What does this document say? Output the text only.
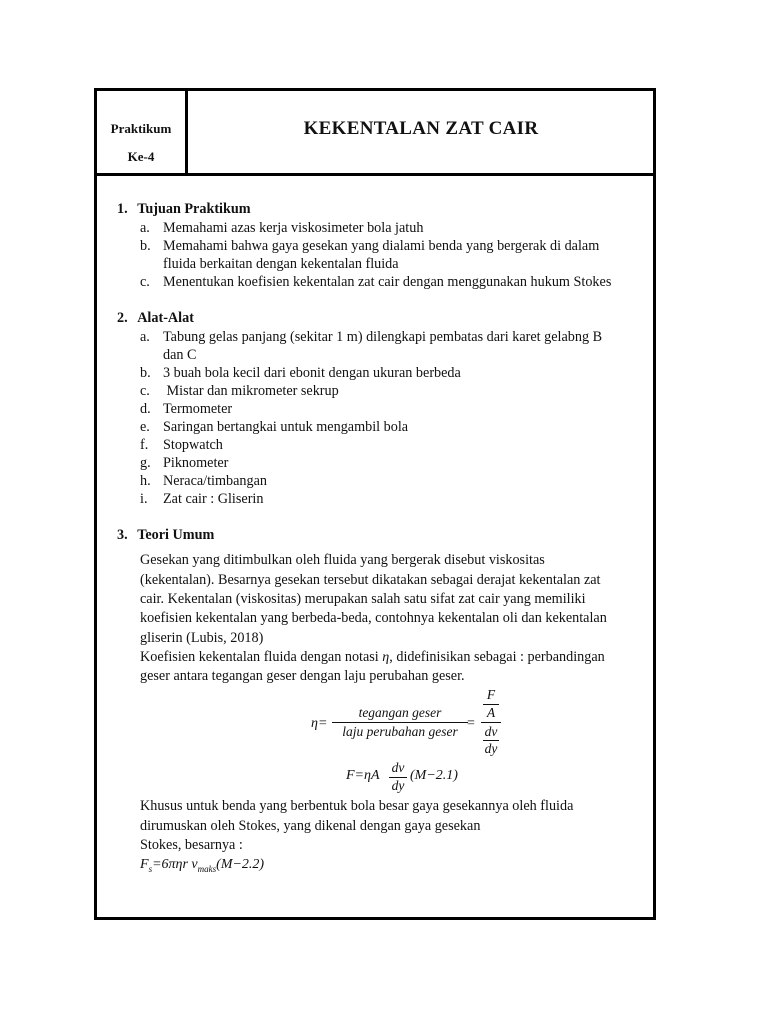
Praktikum
Ke-4
KEKENTALAN ZAT CAIR
1. Tujuan Praktikum
a. Memahami azas kerja viskosimeter bola jatuh
b. Memahami bahwa gaya gesekan yang dialami benda yang bergerak di dalam
fluida berkaitan dengan kekentalan fluida
c. Menentukan koefisien kekentalan zat cair dengan menggunakan hukum Stokes
2. Alat-Alat
a. Tabung gelas panjang (sekitar 1 m) dilengkapi pembatas dari karet gelabng B
dan C
b. 3 buah bola kecil dari ebonit dengan ukuran berbeda
c. Mistar dan mikrometer sekrup
d. Termometer
e. Saringan bertangkai untuk mengambil bola
f. Stopwatch
g. Piknometer
h. Neraca/timbangan
i. Zat cair : Gliserin
3. Teori Umum
Gesekan yang ditimbulkan oleh fluida yang bergerak disebut viskositas
(kekentalan). Besarnya gesekan tersebut dikatakan sebagai derajat kekentalan zat
cair. Kekentalan (viskositas) merupakan salah satu sifat zat cair yang memiliki
koefisien kekentalan yang berbeda-beda, contohnya kekentalan oli dan kekentalan
gliserin (Lubis, 2018)
Koefisien kekentalan fluida dengan notasi η, didefinisikan sebagai : perbandingan
geser antara tegangan geser dengan laju perubahan geser.
η=
tegangan geser
laju perubahan geser
=
F
A
dv
dy
F=ηA
dv
dy
(M−2.1)
Khusus untuk benda yang berbentuk bola besar gaya gesekannya oleh fluida
dirumuskan oleh Stokes, yang dikenal dengan gaya gesekan
Stokes, besarnya :
$F_s=6\pi\eta r$ $v_{maks}(M-2.2)$
